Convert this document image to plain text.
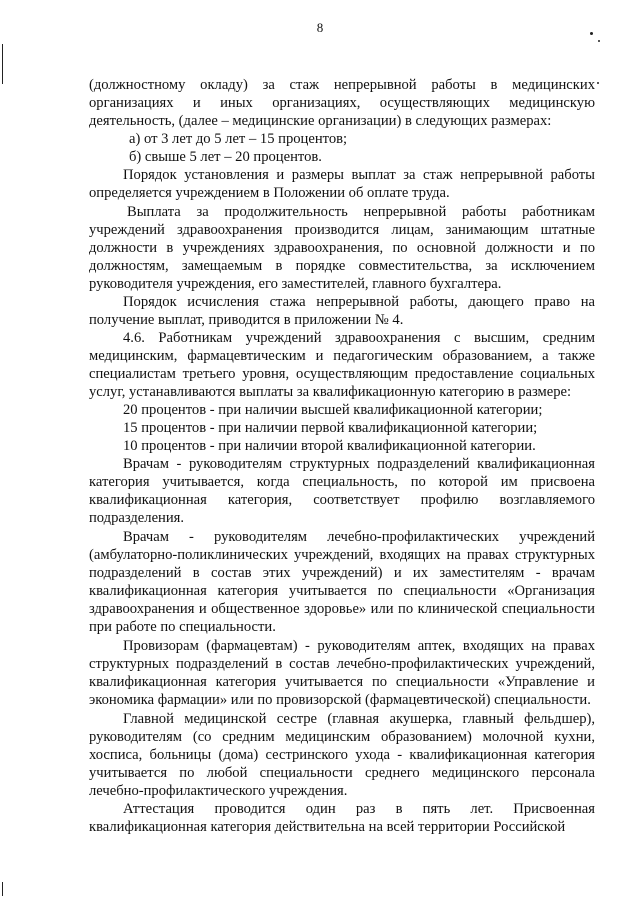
8

(должностному окладу) за стаж непрерывной работы в медицинских организациях и иных организациях, осуществляющих медицинскую деятельность, (далее – медицинские организации) в следующих размерах:

а) от 3 лет до 5 лет – 15 процентов;

б) свыше 5 лет – 20 процентов.

Порядок установления и размеры выплат за стаж непрерывной работы определяется учреждением в Положении об оплате труда.

Выплата за продолжительность непрерывной работы работникам учреждений здравоохранения производится лицам, занимающим штатные должности в учреждениях здравоохранения, по основной должности и по должностям, замещаемым в порядке совместительства, за исключением руководителя учреждения, его заместителей, главного бухгалтера.

Порядок исчисления стажа непрерывной работы, дающего право на получение выплат, приводится в приложении № 4.

4.6. Работникам учреждений здравоохранения с высшим, средним медицинским, фармацевтическим и педагогическим образованием, а также специалистам третьего уровня, осуществляющим предоставление социальных услуг, устанавливаются выплаты за квалификационную категорию в размере:

20 процентов - при наличии высшей квалификационной категории;

15 процентов - при наличии первой квалификационной категории;

10 процентов - при наличии второй квалификационной категории.

Врачам - руководителям структурных подразделений квалификационная категория учитывается, когда специальность, по которой им присвоена квалификационная категория, соответствует профилю возглавляемого подразделения.

Врачам - руководителям лечебно-профилактических учреждений (амбулаторно-поликлинических учреждений, входящих на правах структурных подразделений в состав этих учреждений) и их заместителям - врачам квалификационная категория учитывается по специальности «Организация здравоохранения и общественное здоровье» или по клинической специальности при работе по специальности.

Провизорам (фармацевтам) - руководителям аптек, входящих на правах структурных подразделений в состав лечебно-профилактических учреждений, квалификационная категория учитывается по специальности «Управление и экономика фармации» или по провизорской (фармацевтической) специальности.

Главной медицинской сестре (главная акушерка, главный фельдшер), руководителям (со средним медицинским образованием) молочной кухни, хосписа, больницы (дома) сестринского ухода - квалификационная категория учитывается по любой специальности среднего медицинского персонала лечебно-профилактического учреждения.

Аттестация проводится один раз в пять лет. Присвоенная квалификационная категория действительна на всей территории Российской
